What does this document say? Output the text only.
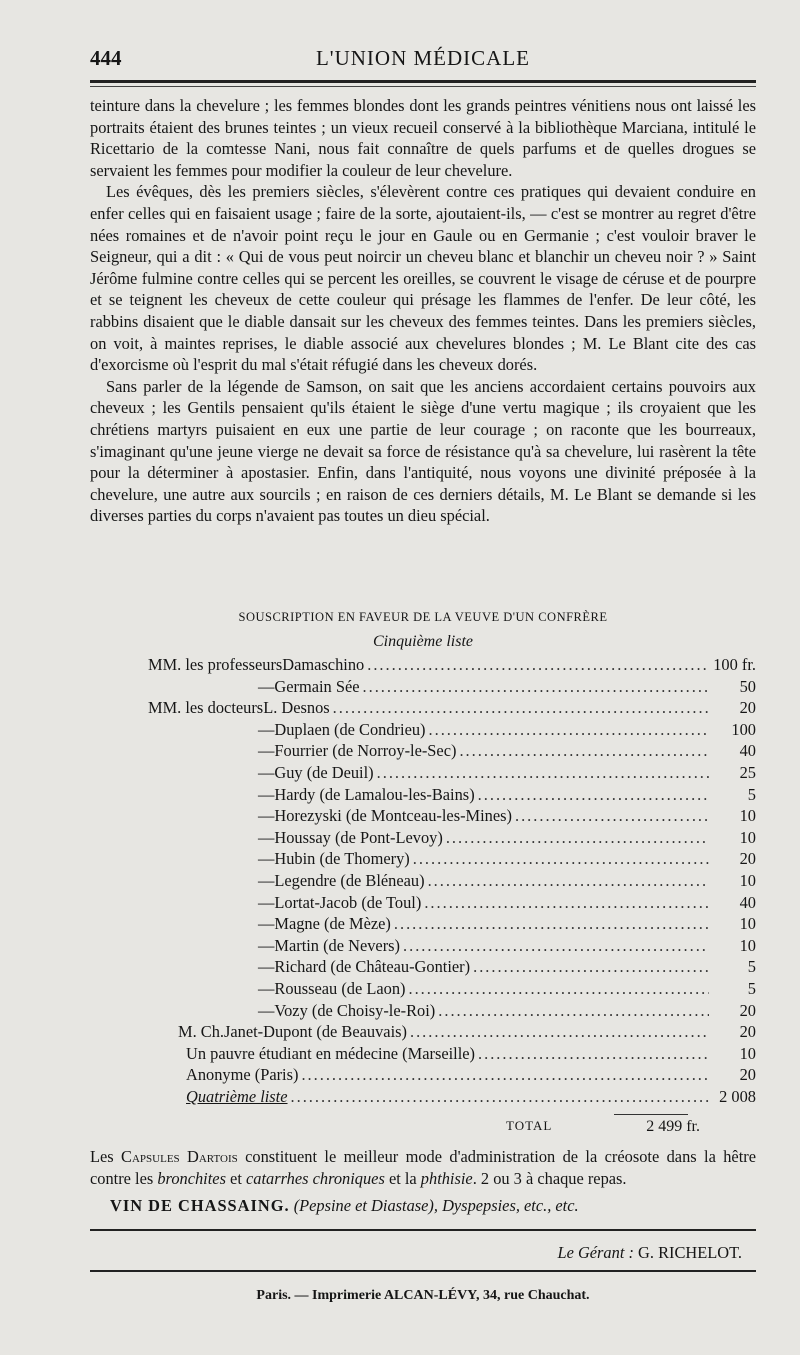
444	L'UNION MÉDICALE

teinture dans la chevelure ; les femmes blondes dont les grands peintres vénitiens nous ont laissé les portraits étaient des brunes teintes ; un vieux recueil conservé à la bibliothèque Marciana, intitulé le Ricettario de la comtesse Nani, nous fait connaître de quels parfums et de quelles drogues se servaient les femmes pour modifier la couleur de leur chevelure.

Les évêques, dès les premiers siècles, s'élevèrent contre ces pratiques qui devaient conduire en enfer celles qui en faisaient usage ; faire de la sorte, ajoutaient-ils, — c'est se montrer au regret d'être nées romaines et de n'avoir point reçu le jour en Gaule ou en Germanie ; c'est vouloir braver le Seigneur, qui a dit : « Qui de vous peut noircir un cheveu blanc et blanchir un cheveu noir ? » Saint Jérôme fulmine contre celles qui se percent les oreilles, se couvrent le visage de céruse et de pourpre et se teignent les cheveux de cette couleur qui présage les flammes de l'enfer. De leur côté, les rabbins disaient que le diable dansait sur les cheveux des femmes teintes. Dans les premiers siècles, on voit, à maintes reprises, le diable associé aux chevelures blondes ; M. Le Blant cite des cas d'exorcisme où l'esprit du mal s'était réfugié dans les cheveux dorés.

Sans parler de la légende de Samson, on sait que les anciens accordaient certains pouvoirs aux cheveux ; les Gentils pensaient qu'ils étaient le siège d'une vertu magique ; ils croyaient que les chrétiens martyrs puisaient en eux une partie de leur courage ; on raconte que les bourreaux, s'imaginant qu'une jeune vierge ne devait sa force de résistance qu'à sa chevelure, lui rasèrent la tête pour la déterminer à apostasier. Enfin, dans l'antiquité, nous voyons une divinité préposée à la chevelure, une autre aux sourcils ; en raison de ces derniers détails, M. Le Blant se demande si les diverses parties du corps n'avaient pas toutes un dieu spécial.

SOUSCRIPTION EN FAVEUR DE LA VEUVE D'UN CONFRÈRE
Cinquième liste
MM. les professeurs Damaschino .....	100 fr.
— Germain Sée .....	50
MM. les docteurs L. Desnos .....	20
— Duplaen (de Condrieu) .....	100
— Fourrier (de Norroy-le-Sec) .....	40
— Guy (de Deuil) .....	25
— Hardy (de Lamalou-les-Bains) .....	5
— Horezyski (de Montceau-les-Mines) .....	10
— Houssay (de Pont-Levoy) .....	10
— Hubin (de Thomery) .....	20
— Legendre (de Bléneau) .....	10
— Lortat-Jacob (de Toul) .....	40
— Magne (de Mèze) .....	10
— Martin (de Nevers) .....	10
— Richard (de Château-Gontier) .....	5
— Rousseau (de Laon) .....	5
— Vozy (de Choisy-le-Roi) .....	20
M. Ch. Janet-Dupont (de Beauvais) .....	20
Un pauvre étudiant en médecine (Marseille) .....	10
Anonyme (Paris) .....	20
Quatrième liste .....	2 008
TOTAL	2 499 fr.
Les Capsules Dartois constituent le meilleur mode d'administration de la créosote dans la hêtre contre les bronchites et catarrhes chroniques et la phthisie. 2 ou 3 à chaque repas.
VIN DE CHASSAING. (Pepsine et Diastase), Dyspepsies, etc., etc.
Le Gérant : G. RICHELOT.
Paris. — Imprimerie ALCAN-LÉVY, 34, rue Chauchat.
